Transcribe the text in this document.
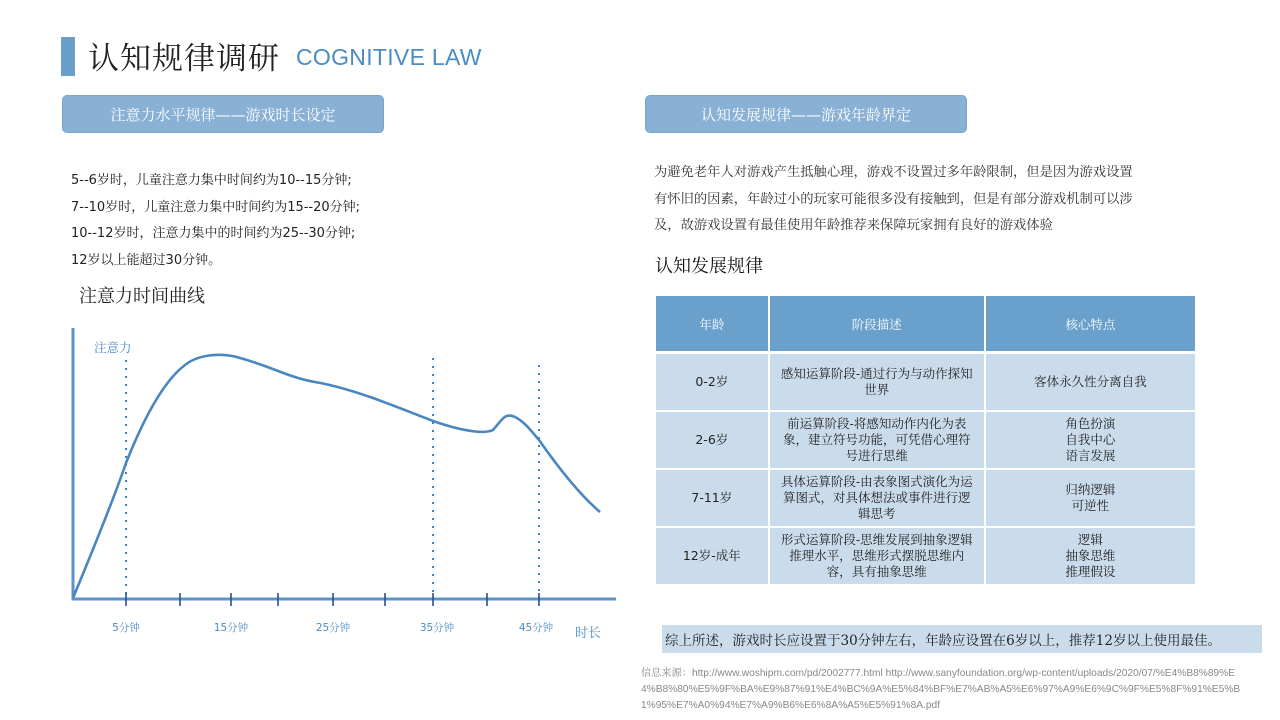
认知规律调研 COGNITIVE LAW
注意力水平规律——游戏时长设定
5--6岁时，儿童注意力集中时间约为10--15分钟;
7--10岁时，儿童注意力集中时间约为15--20分钟;
10--12岁时，注意力集中的时间约为25--30分钟;
12岁以上能超过30分钟。
注意力时间曲线
注意力
5分钟	15分钟	25分钟	35分钟	45分钟 时长
认知发展规律——游戏年龄界定
为避免老年人对游戏产生抵触心理，游戏不设置过多年龄限制，但是因为游戏设置有怀旧的因素，年龄过小的玩家可能很多没有接触到，但是有部分游戏机制可以涉及，故游戏设置有最佳使用年龄推荐来保障玩家拥有良好的游戏体验
认知发展规律
年龄	阶段描述	核心特点
0-2岁	感知运算阶段-通过行为与动作探知世界	客体永久性分离自我

2-6岁	前运算阶段-将感知动作内化为表象，建立符号功能，可凭借心理符号进行思维	角色扮演
自我中心
语言发展

7-11岁	具体运算阶段-由表象图式演化为运算图式，对具体想法或事件进行逻辑思考	归纳逻辑
可逆性

12岁-成年	形式运算阶段-思维发展到抽象逻辑推理水平，思维形式摆脱思维内容，具有抽象思维	逻辑
抽象思维
推理假设
综上所述，游戏时长应设置于30分钟左右，年龄应设置在6岁以上，推荐12岁以上使用最佳。
信息来源：http://www.woshipm.com/pd/2002777.html http://www.sanyfoundation.org/wp-content/uploads/2020/07/%E4%B8%89%E4%B8%80%E5%9F%BA%E9%87%91%E4%BC%9A%E5%84%BF%E7%AB%A5%E6%97%A9%E6%9C%9F%E5%8F%91%E5%B1%95%E7%A0%94%E7%A9%B6%E6%8A%A5%E5%91%8A.pdf
